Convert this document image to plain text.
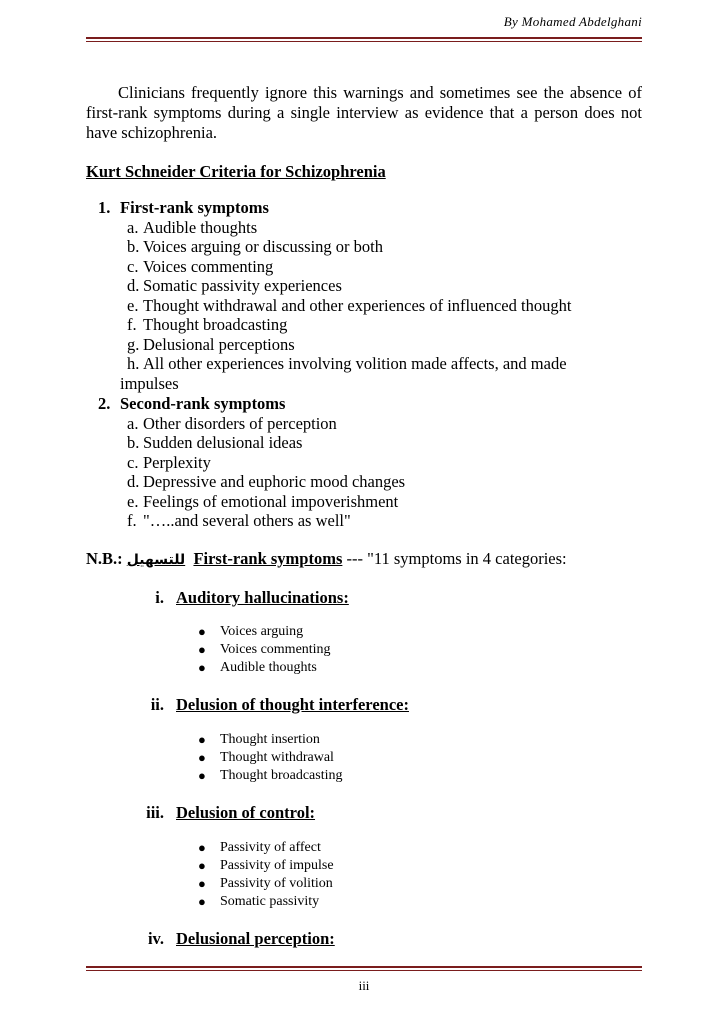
By Mohamed Abdelghani
Clinicians frequently ignore this warnings and sometimes see the absence of first-rank symptoms during a single interview as evidence that a person does not have schizophrenia.
Kurt Schneider Criteria for Schizophrenia
1. First-rank symptoms
a. Audible thoughts
b. Voices arguing or discussing or both
c. Voices commenting
d. Somatic passivity experiences
e. Thought withdrawal and other experiences of influenced thought
f. Thought broadcasting
g. Delusional perceptions
h. All other experiences involving volition made affects, and made
impulses
2. Second-rank symptoms
a. Other disorders of perception
b. Sudden delusional ideas
c. Perplexity
d. Depressive and euphoric mood changes
e. Feelings of emotional impoverishment
f. "…..and several others as well"
N.B.: للتسهيل First-rank symptoms --- "11 symptoms in 4 categories:
i. Auditory hallucinations:
● Voices arguing
● Voices commenting
● Audible thoughts
ii. Delusion of thought interference:
● Thought insertion
● Thought withdrawal
● Thought broadcasting
iii. Delusion of control:
● Passivity of affect
● Passivity of impulse
● Passivity of volition
● Somatic passivity
iv. Delusional perception:
iii
